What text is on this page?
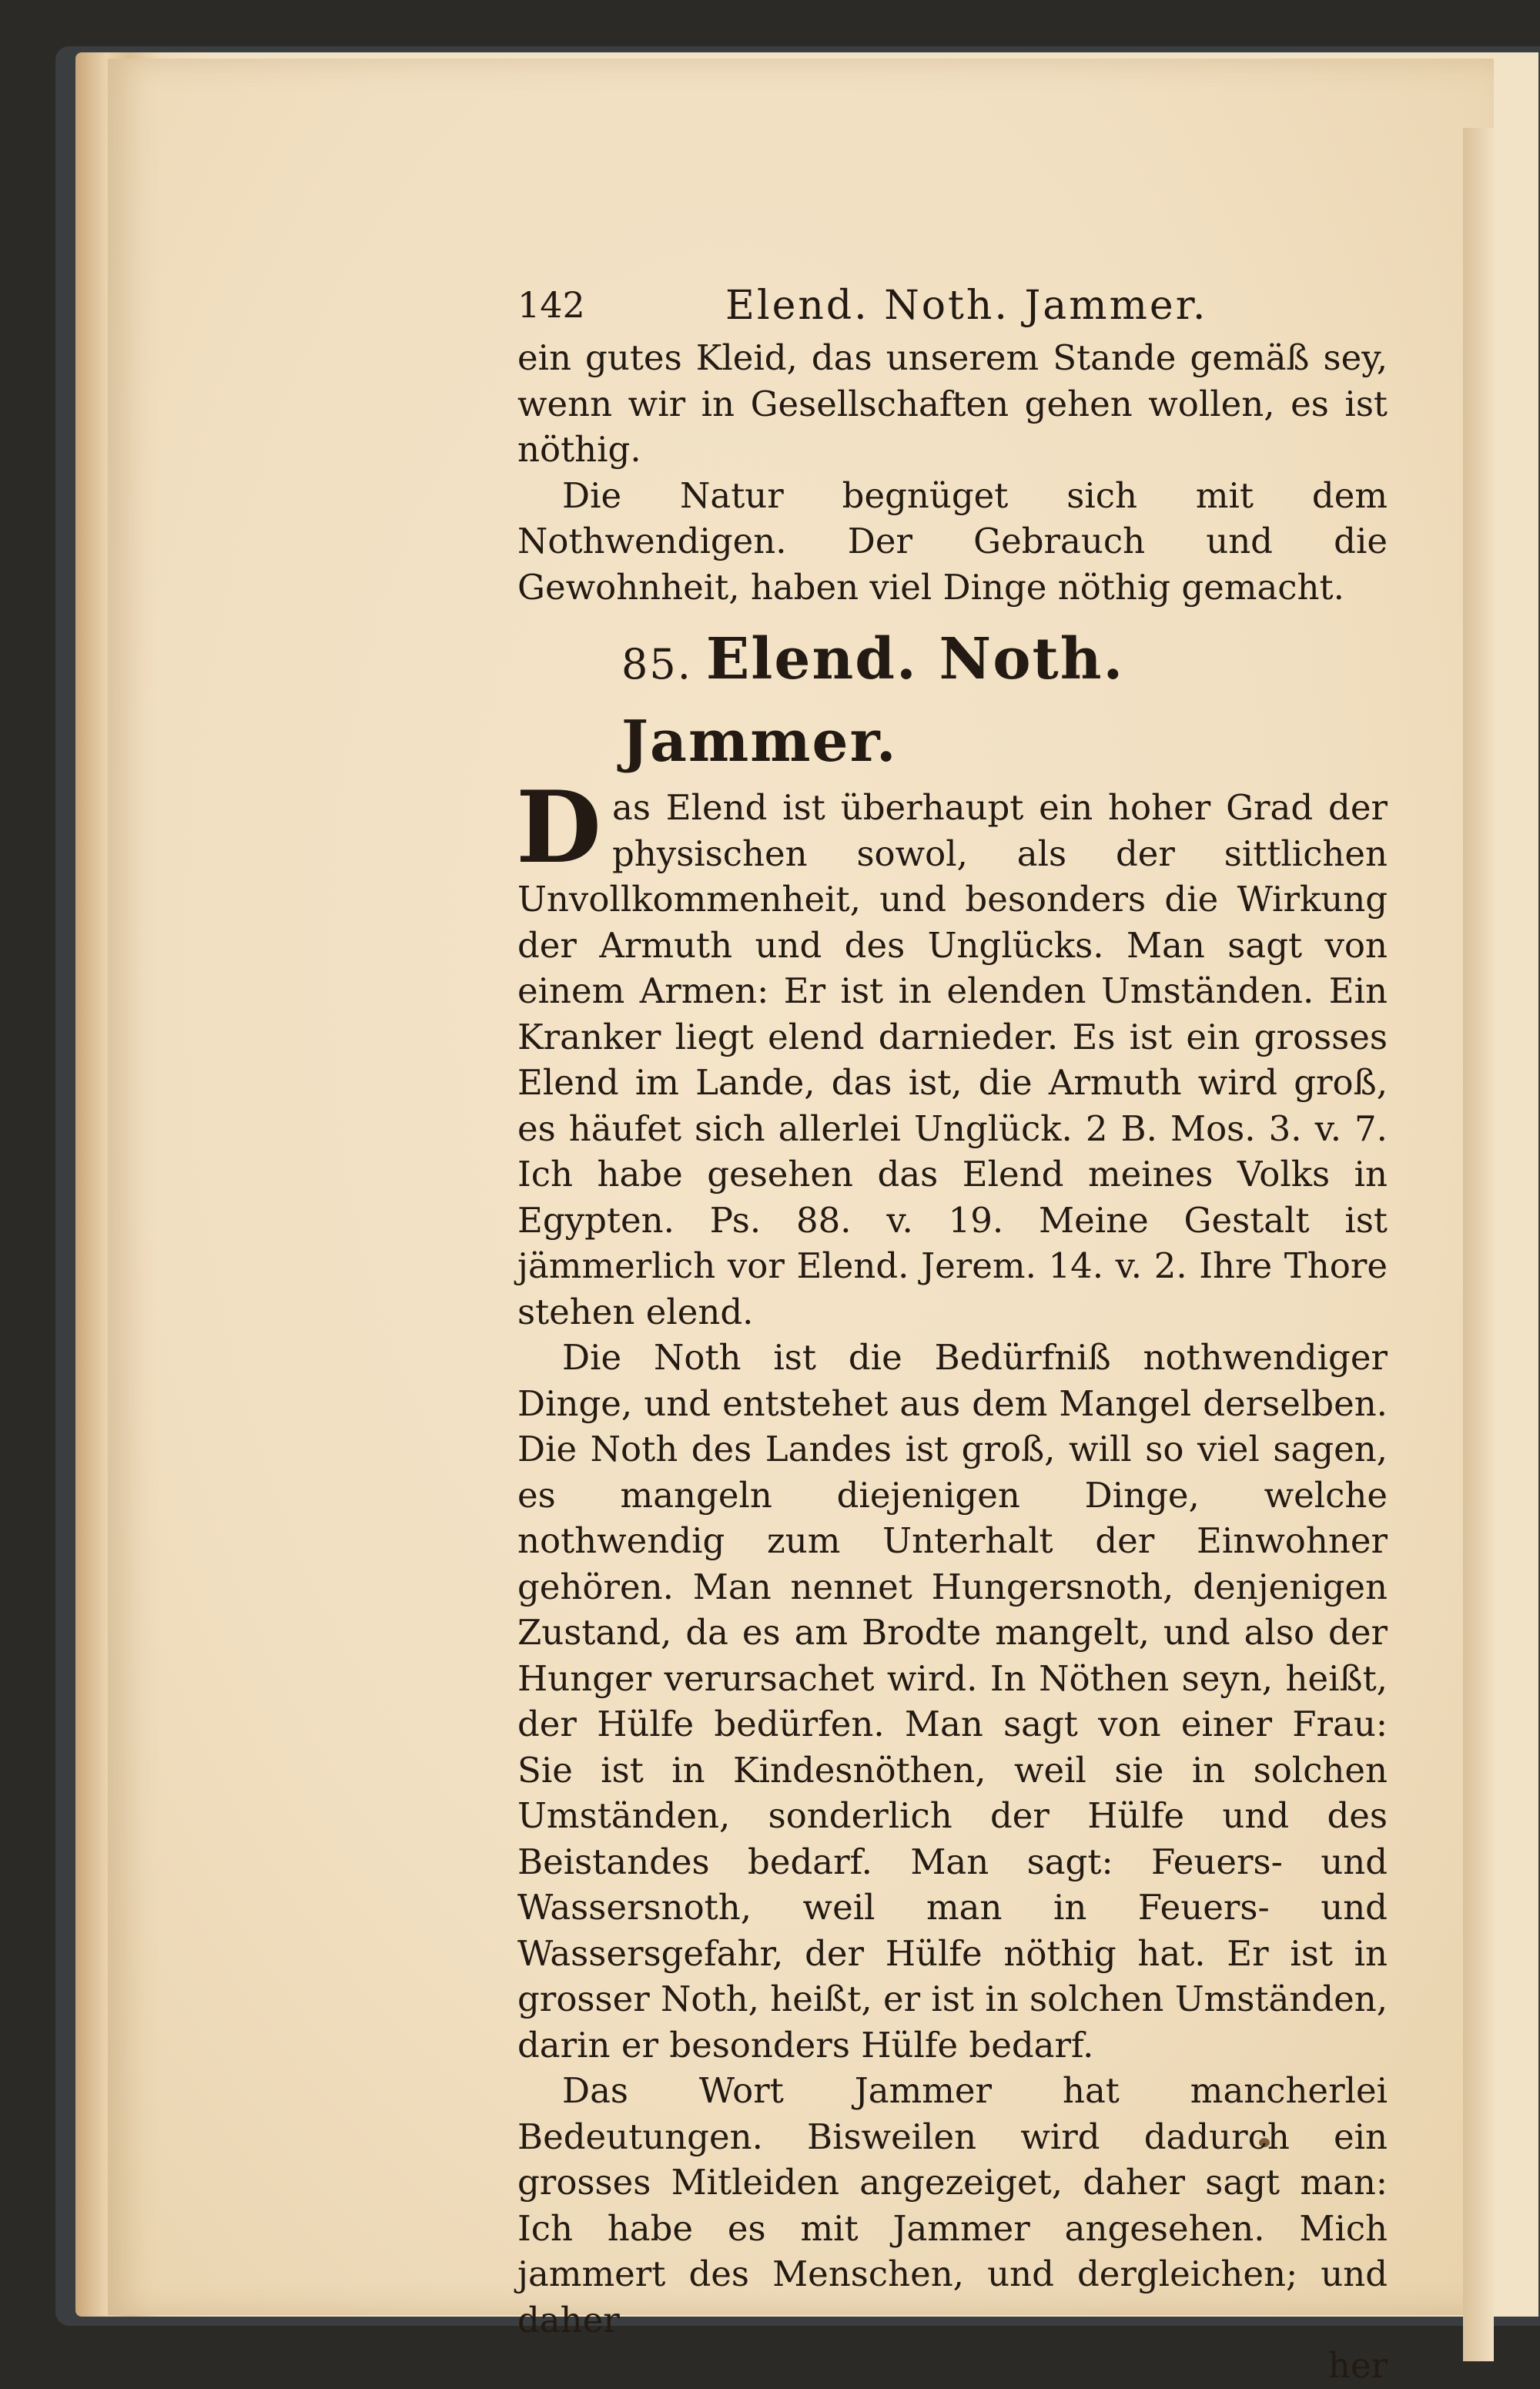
142	Elend. Noth. Jammer.

ein gutes Kleid, das unserem Stande gemäß sey, wenn wir in Gesellschaften gehen wollen, es ist nöthig.

Die Natur begnüget sich mit dem Nothwendigen. Der Gebrauch und die Gewohnheit, haben viel Dinge nöthig gemacht.

85. Elend. Noth. Jammer.

Das Elend ist überhaupt ein hoher Grad der physischen sowol, als der sittlichen Unvollkommenheit, und besonders die Wirkung der Armuth und des Unglücks. Man sagt von einem Armen: Er ist in elenden Umständen. Ein Kranker liegt elend darnieder. Es ist ein grosses Elend im Lande, das ist, die Armuth wird groß, es häufet sich allerlei Unglück. 2 B. Mos. 3. v. 7. Ich habe gesehen das Elend meines Volks in Egypten. Ps. 88. v. 19. Meine Gestalt ist jämmerlich vor Elend. Jerem. 14. v. 2. Ihre Thore stehen elend.

Die Noth ist die Bedürfniß nothwendiger Dinge, und entstehet aus dem Mangel derselben. Die Noth des Landes ist groß, will so viel sagen, es mangeln diejenigen Dinge, welche nothwendig zum Unterhalt der Einwohner gehören. Man nennet Hungersnoth, denjenigen Zustand, da es am Brodte mangelt, und also der Hunger verursachet wird. In Nöthen seyn, heißt, der Hülfe bedürfen. Man sagt von einer Frau: Sie ist in Kindesnöthen, weil sie in solchen Umständen, sonderlich der Hülfe und des Beistandes bedarf. Man sagt: Feuers- und Wassersnoth, weil man in Feuers- und Wassersgefahr, der Hülfe nöthig hat. Er ist in grosser Noth, heißt, er ist in solchen Umständen, darin er besonders Hülfe bedarf.

Das Wort Jammer hat mancherlei Bedeutungen. Bisweilen wird dadurch ein grosses Mitleiden angezeiget, daher sagt man: Ich habe es mit Jammer angesehen. Mich jammert des Menschen, und dergleichen; und daher

her
